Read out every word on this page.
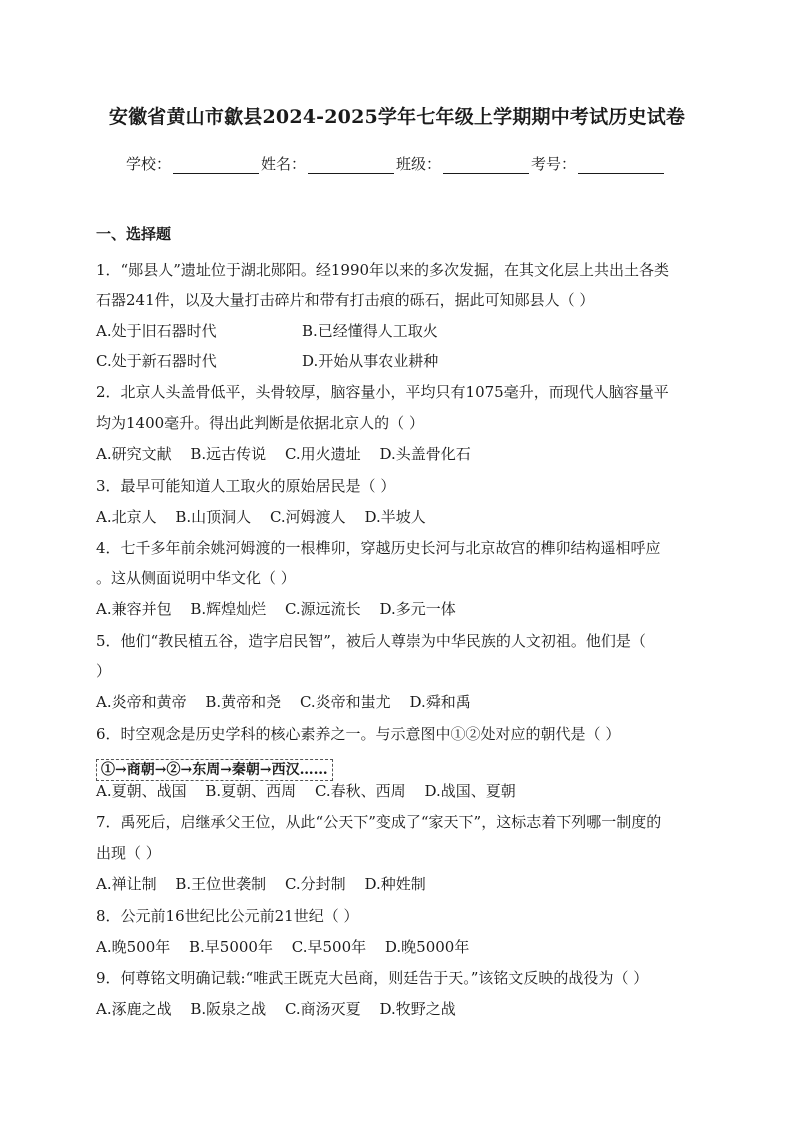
安徽省黄山市歙县2024-2025学年七年级上学期期中考试历史试卷
学校：	姓名：	班级：	考号：
一、选择题
1．“郧县人”遗址位于湖北郧阳。经1990年以来的多次发掘，在其文化层上共出土各类
石器241件，以及大量打击碎片和带有打击痕的砾石，据此可知郧县人（ ）
A.处于旧石器时代	B.已经懂得人工取火
C.处于新石器时代	D.开始从事农业耕种
2．北京人头盖骨低平，头骨较厚，脑容量小，平均只有1075毫升，而现代人脑容量平
均为1400毫升。得出此判断是依据北京人的（ ）
A.研究文献 B.远古传说 C.用火遗址 D.头盖骨化石
3．最早可能知道人工取火的原始居民是（ ）
A.北京人 B.山顶洞人 C.河姆渡人 D.半坡人
4．七千多年前余姚河姆渡的一根榫卯，穿越历史长河与北京故宫的榫卯结构遥相呼应
。这从侧面说明中华文化（ ）
A.兼容并包 B.辉煌灿烂 C.源远流长 D.多元一体
5．他们“教民植五谷，造字启民智”，被后人尊崇为中华民族的人文初祖。他们是（
）
A.炎帝和黄帝 B.黄帝和尧 C.炎帝和蚩尤 D.舜和禹
6．时空观念是历史学科的核心素养之一。与示意图中①②处对应的朝代是（ ）
①→商朝→②→东周→秦朝→西汉……
A.夏朝、战国 B.夏朝、西周 C.春秋、西周 D.战国、夏朝
7．禹死后，启继承父王位，从此“公天下”变成了“家天下”，这标志着下列哪一制度的
出现（ ）
A.禅让制 B.王位世袭制 C.分封制 D.种姓制
8．公元前16世纪比公元前21世纪（ ）
A.晚500年 B.早5000年 C.早500年 D.晚5000年
9．何尊铭文明确记载:“唯武王既克大邑商，则廷告于天。”该铭文反映的战役为（ ）
A.涿鹿之战 B.阪泉之战 C.商汤灭夏 D.牧野之战
